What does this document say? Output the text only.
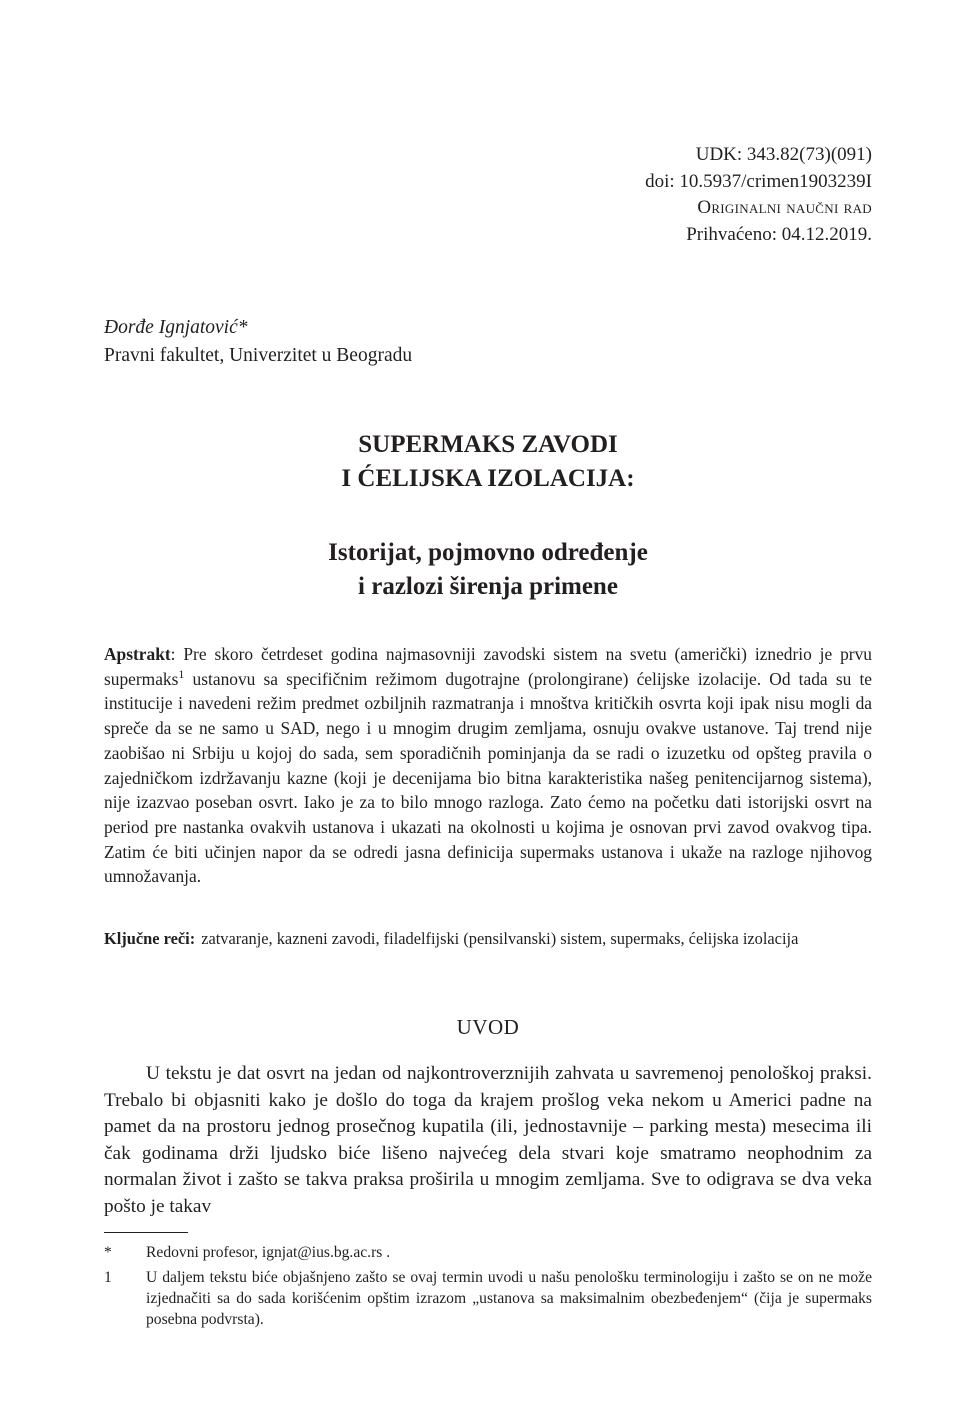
UDK: 343.82(73)(091)
doi: 10.5937/crimen1903239I
Originalni naučni rad
Prihvaćeno: 04.12.2019.
Đorđe Ignjatović*
Pravni fakultet, Univerzitet u Beogradu
SUPERMAKS ZAVODI
I ĆELIJSKA IZOLACIJA:
Istorijat, pojmovno određenje
i razlozi širenja primene
Apstrakt: Pre skoro četrdeset godina najmasovniji zavodski sistem na svetu (američki) iznedrio je prvu supermaks$^1$ ustanovu sa specifičnim režimom dugotrajne (prolongirane) ćelijske izolacije. Od tada su te institucije i navedeni režim predmet ozbiljnih razmatranja i mnoštva kritičkih osvrta koji ipak nisu mogli da spreče da se ne samo u SAD, nego i u mnogim drugim zemljama, osnuju ovakve ustanove. Taj trend nije zaobišao ni Srbiju u kojoj do sada, sem sporadičnih pominjanja da se radi o izuzetku od opšteg pravila o zajedničkom izdržavanju kazne (koji je decenijama bio bitna karakteristika našeg penitencijarnog sistema), nije izazvao poseban osvrt. Iako je za to bilo mnogo razloga. Zato ćemo na početku dati istorijski osvrt na period pre nastanka ovakvih ustanova i ukazati na okolnosti u kojima je osnovan prvi zavod ovakvog tipa. Zatim će biti učinjen napor da se odredi jasna definicija supermaks ustanova i ukaže na razloge njihovog umnožavanja.
Ključne reči: zatvaranje, kazneni zavodi, filadelfijski (pensilvanski) sistem, supermaks, ćelijska izolacija
UVOD
U tekstu je dat osvrt na jedan od najkontroverznijih zahvata u savremenoj penološkoj praksi. Trebalo bi objasniti kako je došlo do toga da krajem prošlog veka nekom u Americi padne na pamet da na prostoru jednog prosečnog kupatila (ili, jednostavnije – parking mesta) mesecima ili čak godinama drži ljudsko biće lišeno najvećeg dela stvari koje smatramo neophodnim za normalan život i zašto se takva praksa proširila u mnogim zemljama. Sve to odigrava se dva veka pošto je takav
*	Redovni profesor, ignjat@ius.bg.ac.rs .
1	U daljem tekstu biće objašnjeno zašto se ovaj termin uvodi u našu penološku terminologiju i zašto se on ne može izjednačiti sa do sada korišćenim opštim izrazom „ustanova sa maksimalnim obezbeđenjem“ (čija je supermaks posebna podvrsta).
